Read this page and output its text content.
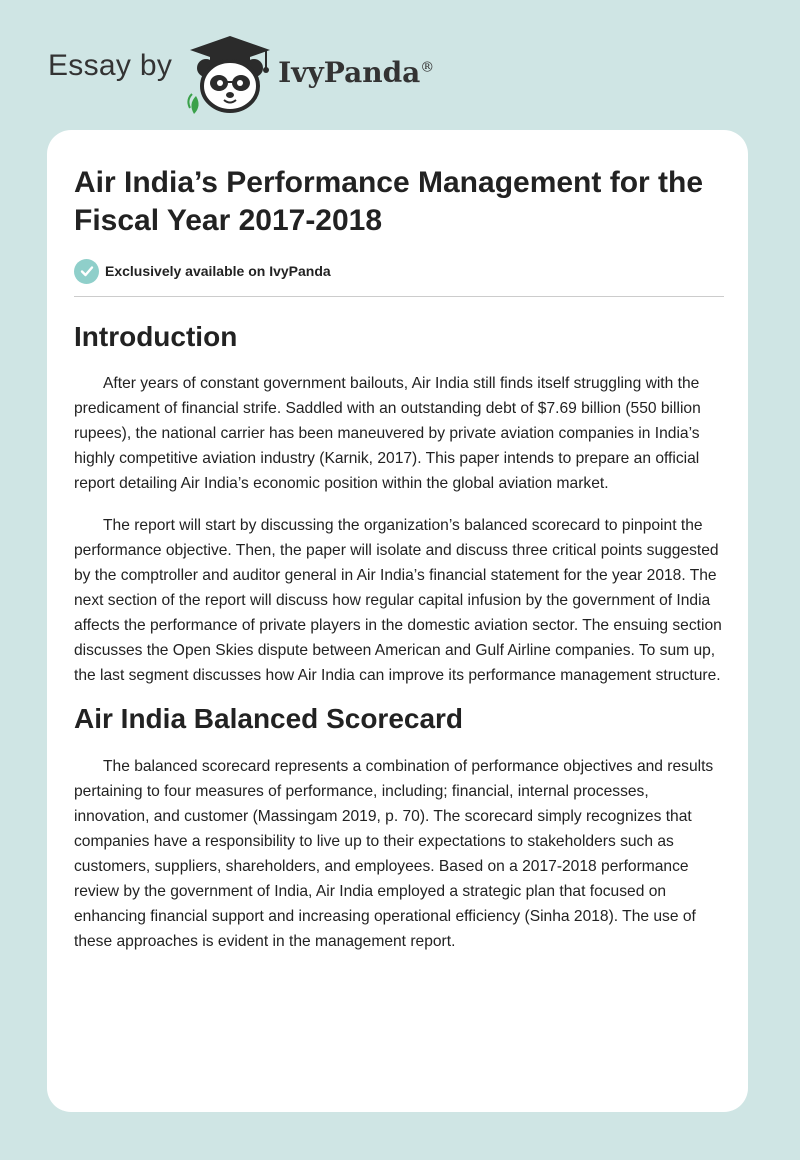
Essay by	IvyPanda®
Air India’s Performance Management for the Fiscal Year 2017-2018
Exclusively available on IvyPanda
Introduction

After years of constant government bailouts, Air India still finds itself struggling with the predicament of financial strife. Saddled with an outstanding debt of $7.69 billion (550 billion rupees), the national carrier has been maneuvered by private aviation companies in India’s highly competitive aviation industry (Karnik, 2017). This paper intends to prepare an official report detailing Air India’s economic position within the global aviation market.

The report will start by discussing the organization’s balanced scorecard to pinpoint the performance objective. Then, the paper will isolate and discuss three critical points suggested by the comptroller and auditor general in Air India’s financial statement for the year 2018. The next section of the report will discuss how regular capital infusion by the government of India affects the performance of private players in the domestic aviation sector. The ensuing section discusses the Open Skies dispute between American and Gulf Airline companies. To sum up, the last segment discusses how Air India can improve its performance management structure.

Air India Balanced Scorecard

The balanced scorecard represents a combination of performance objectives and results pertaining to four measures of performance, including; financial, internal processes, innovation, and customer (Massingam 2019, p. 70). The scorecard simply recognizes that companies have a responsibility to live up to their expectations to stakeholders such as customers, suppliers, shareholders, and employees. Based on a 2017-2018 performance review by the government of India, Air India employed a strategic plan that focused on enhancing financial support and increasing operational efficiency (Sinha 2018). The use of these approaches is evident in the management report.
